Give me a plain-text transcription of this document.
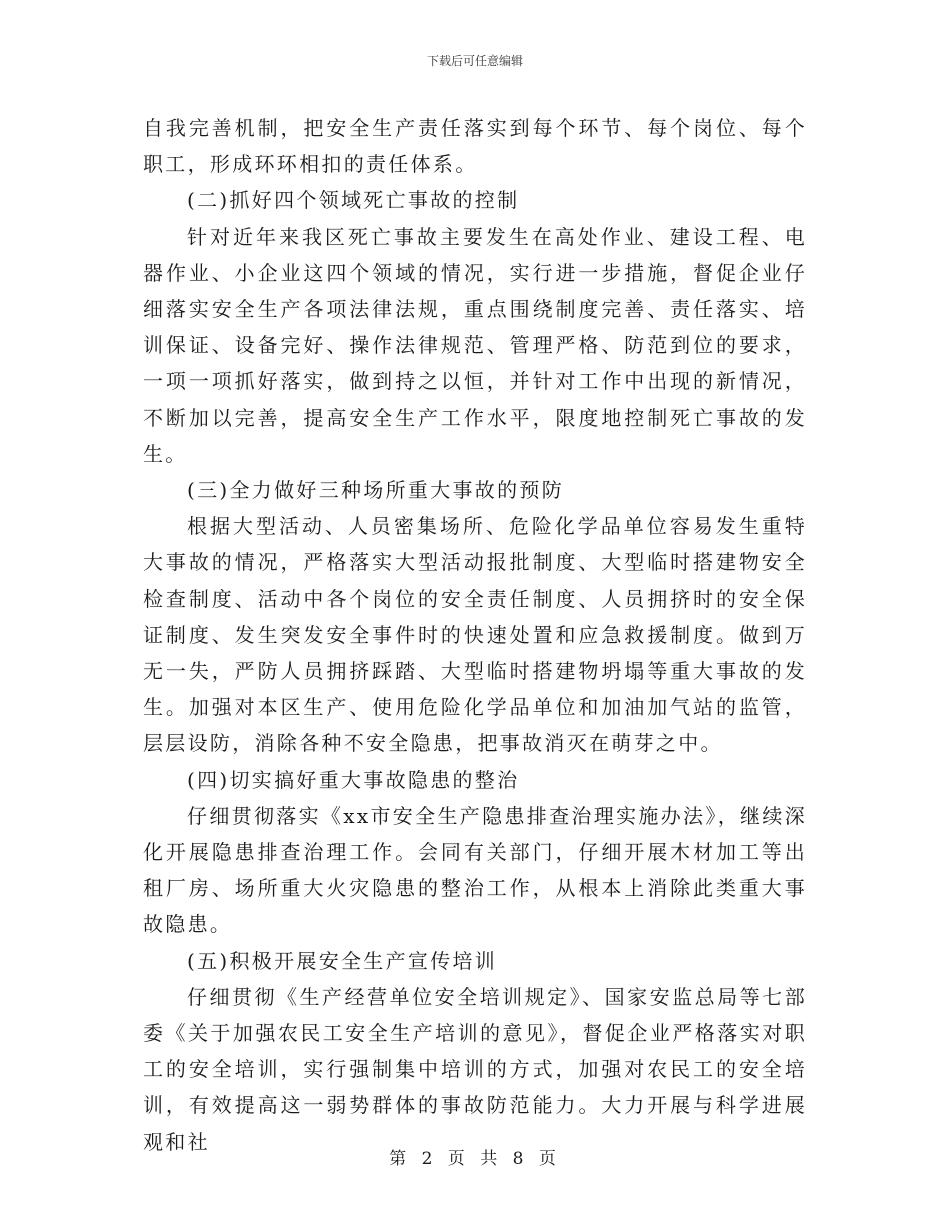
下载后可任意编辑

自我完善机制，把安全生产责任落实到每个环节、每个岗位、每个职工，形成环环相扣的责任体系。

(二)抓好四个领域死亡事故的控制

针对近年来我区死亡事故主要发生在高处作业、建设工程、电器作业、小企业这四个领域的情况，实行进一步措施，督促企业仔细落实安全生产各项法律法规，重点围绕制度完善、责任落实、培训保证、设备完好、操作法律规范、管理严格、防范到位的要求，一项一项抓好落实，做到持之以恒，并针对工作中出现的新情况，不断加以完善，提高安全生产工作水平，限度地控制死亡事故的发生。

(三)全力做好三种场所重大事故的预防

根据大型活动、人员密集场所、危险化学品单位容易发生重特大事故的情况，严格落实大型活动报批制度、大型临时搭建物安全检查制度、活动中各个岗位的安全责任制度、人员拥挤时的安全保证制度、发生突发安全事件时的快速处置和应急救援制度。做到万无一失，严防人员拥挤踩踏、大型临时搭建物坍塌等重大事故的发生。加强对本区生产、使用危险化学品单位和加油加气站的监管，层层设防，消除各种不安全隐患，把事故消灭在萌芽之中。

(四)切实搞好重大事故隐患的整治

仔细贯彻落实《xx市安全生产隐患排查治理实施办法》，继续深化开展隐患排查治理工作。会同有关部门，仔细开展木材加工等出租厂房、场所重大火灾隐患的整治工作，从根本上消除此类重大事故隐患。

(五)积极开展安全生产宣传培训

仔细贯彻《生产经营单位安全培训规定》、国家安监总局等七部委《关于加强农民工安全生产培训的意见》，督促企业严格落实对职工的安全培训，实行强制集中培训的方式，加强对农民工的安全培训，有效提高这一弱势群体的事故防范能力。大力开展与科学进展观和社

第 2 页 共 8 页
